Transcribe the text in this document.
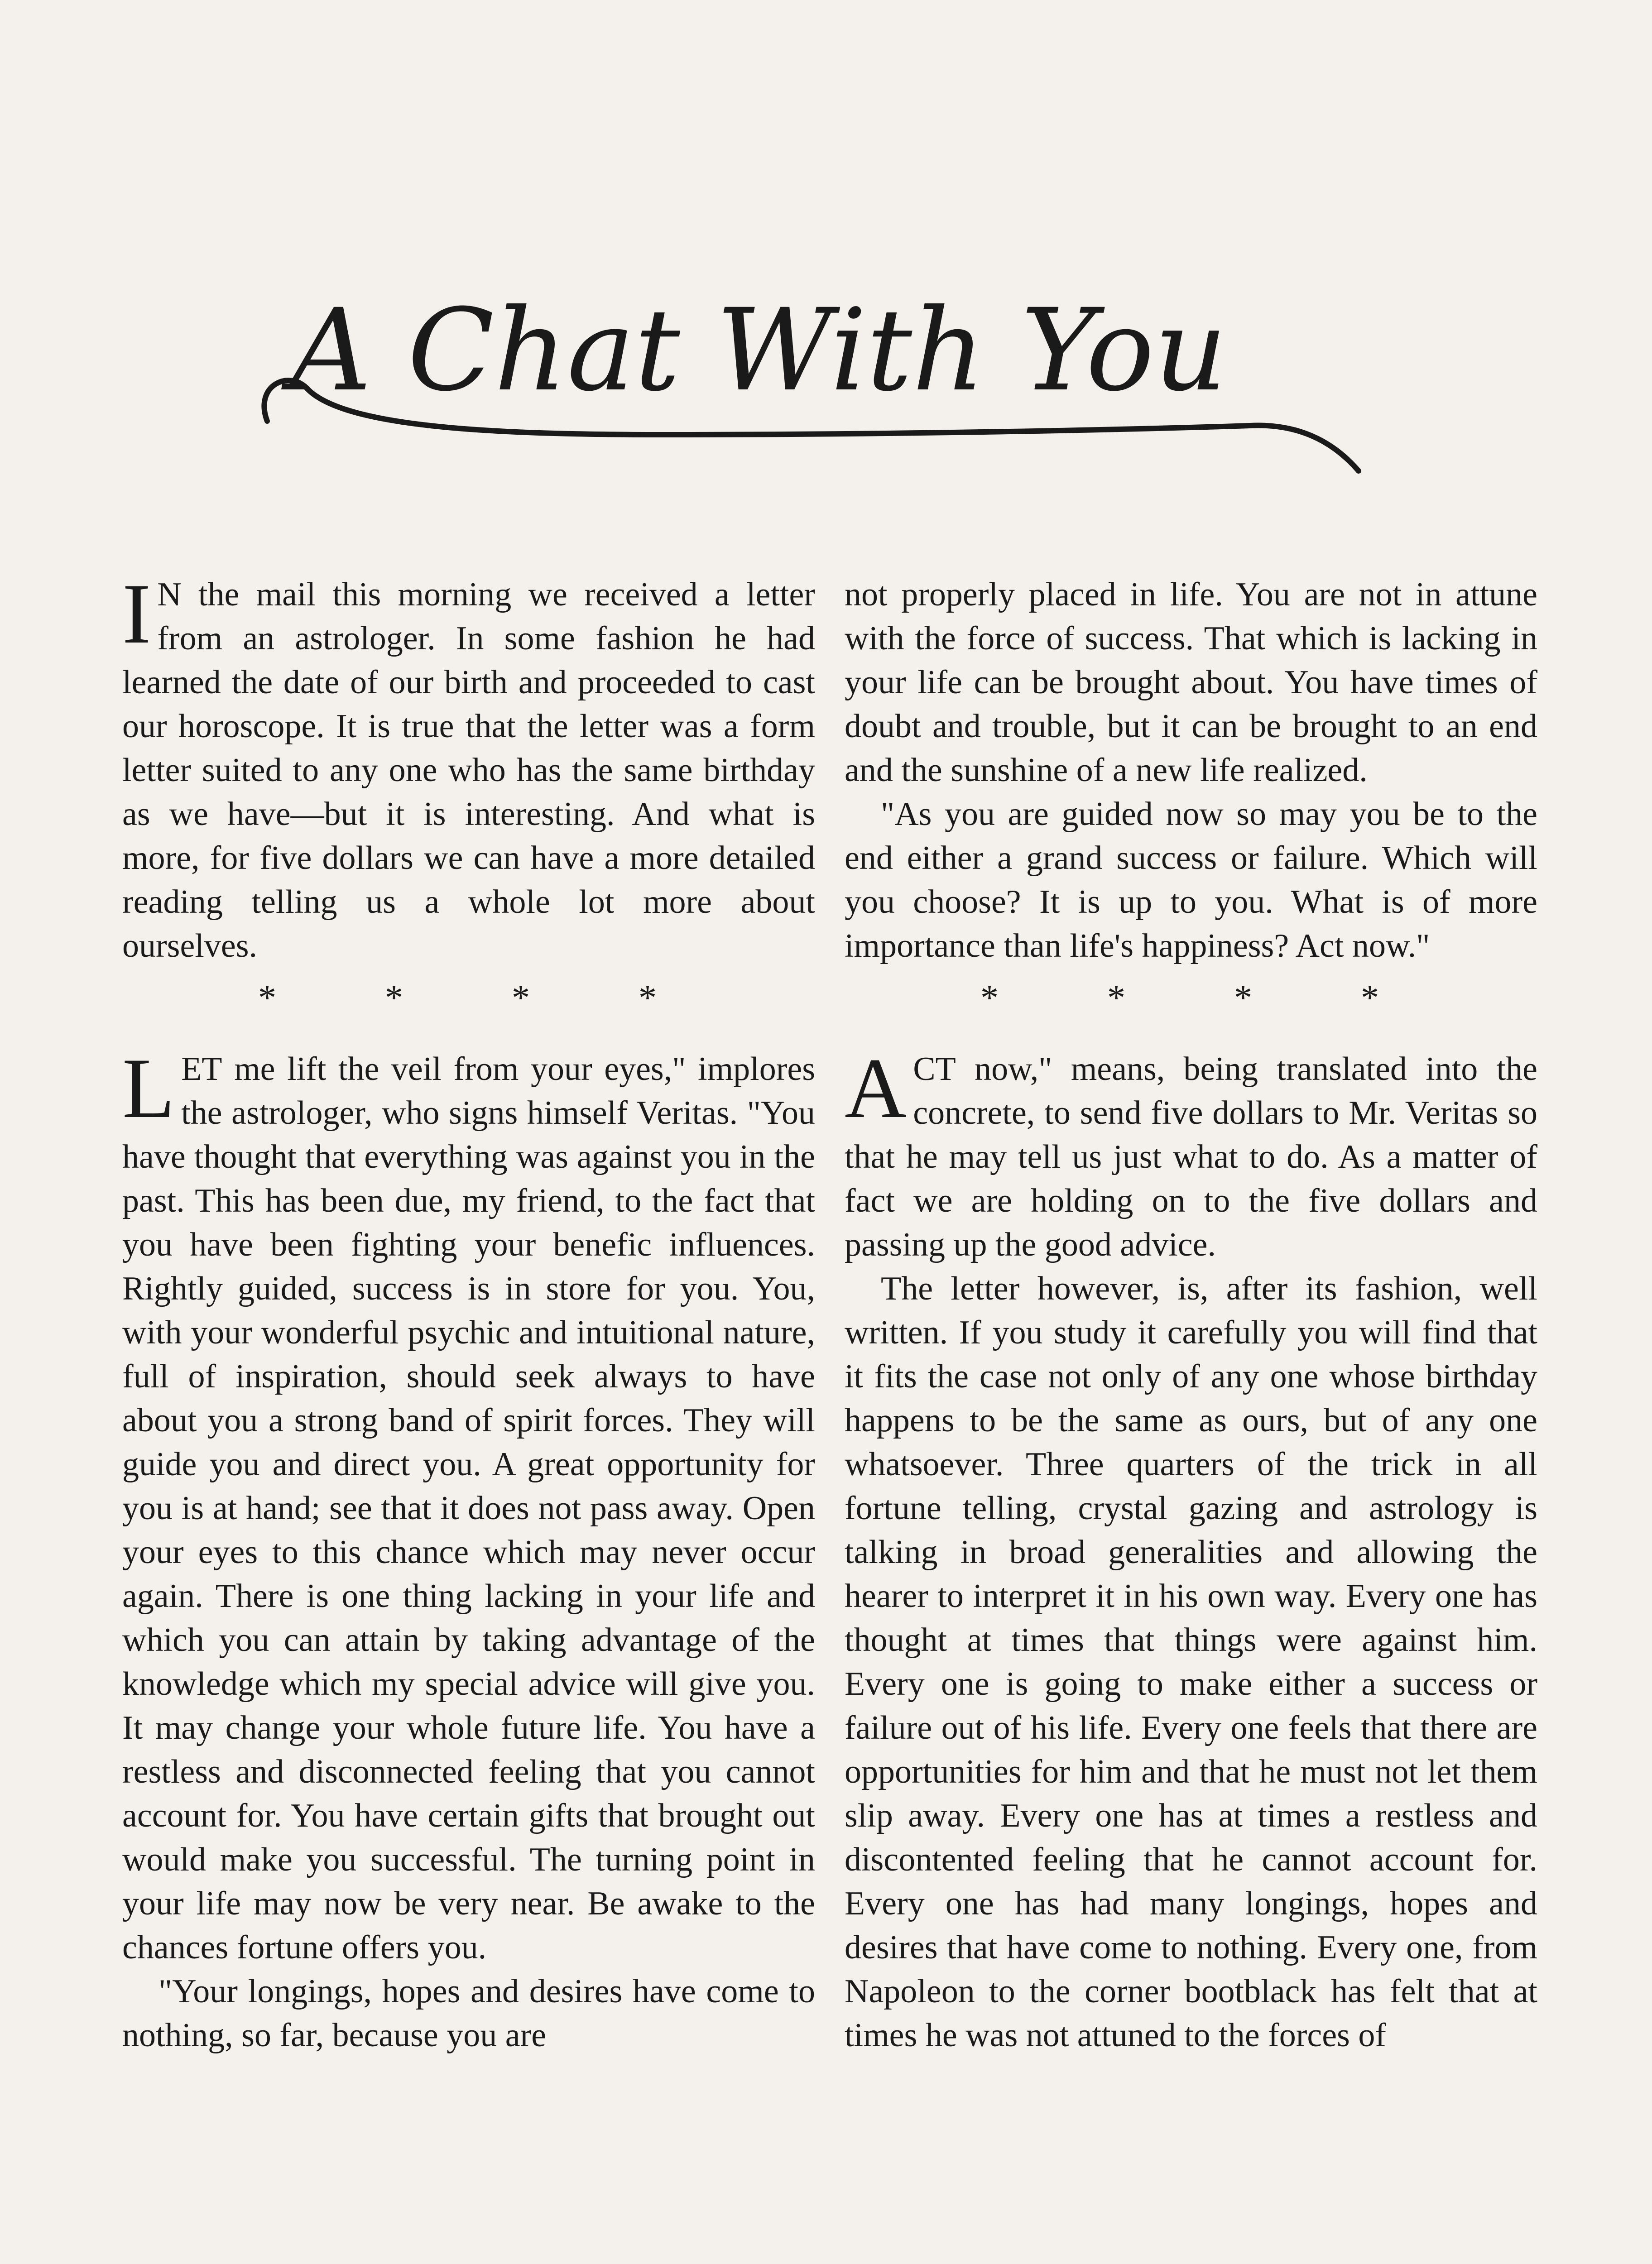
A Chat With You

I N the mail this morning we received a letter from an astrologer. In some fashion he had learned the date of our birth and proceeded to cast our horoscope. It is true that the letter was a form letter suited to any one who has the same birthday as we have—but it is interesting. And what is more, for five dollars we can have a more detailed reading telling us a whole lot more about ourselves.

* * * *

LET me lift the veil from your eyes," implores the astrologer, who signs himself Veritas. "You have thought that everything was against you in the past. This has been due, my friend, to the fact that you have been fighting your benefic influences. Rightly guided, success is in store for you. You, with your wonderful psychic and intuitional nature, full of inspiration, should seek always to have about you a strong band of spirit forces. They will guide you and direct you. A great opportunity for you is at hand; see that it does not pass away. Open your eyes to this chance which may never occur again. There is one thing lacking in your life and which you can attain by taking advantage of the knowledge which my special advice will give you. It may change your whole future life. You have a restless and disconnected feeling that you cannot account for. You have certain gifts that brought out would make you successful. The turning point in your life may now be very near. Be awake to the chances fortune offers you.

"Your longings, hopes and desires have come to nothing, so far, because you are

not properly placed in life. You are not in attune with the force of success. That which is lacking in your life can be brought about. You have times of doubt and trouble, but it can be brought to an end and the sunshine of a new life realized.

"As you are guided now so may you be to the end either a grand success or failure. Which will you choose? It is up to you. What is of more importance than life's happiness? Act now."

* * * *

ACT now," means, being translated into the concrete, to send five dollars to Mr. Veritas so that he may tell us just what to do. As a matter of fact we are holding on to the five dollars and passing up the good advice.

The letter however, is, after its fashion, well written. If you study it carefully you will find that it fits the case not only of any one whose birthday happens to be the same as ours, but of any one whatsoever. Three quarters of the trick in all fortune telling, crystal gazing and astrology is talking in broad generalities and allowing the hearer to interpret it in his own way. Every one has thought at times that things were against him. Every one is going to make either a success or failure out of his life. Every one feels that there are opportunities for him and that he must not let them slip away. Every one has at times a restless and discontented feeling that he cannot account for. Every one has had many longings, hopes and desires that have come to nothing. Every one, from Napoleon to the corner bootblack has felt that at times he was not attuned to the forces of
